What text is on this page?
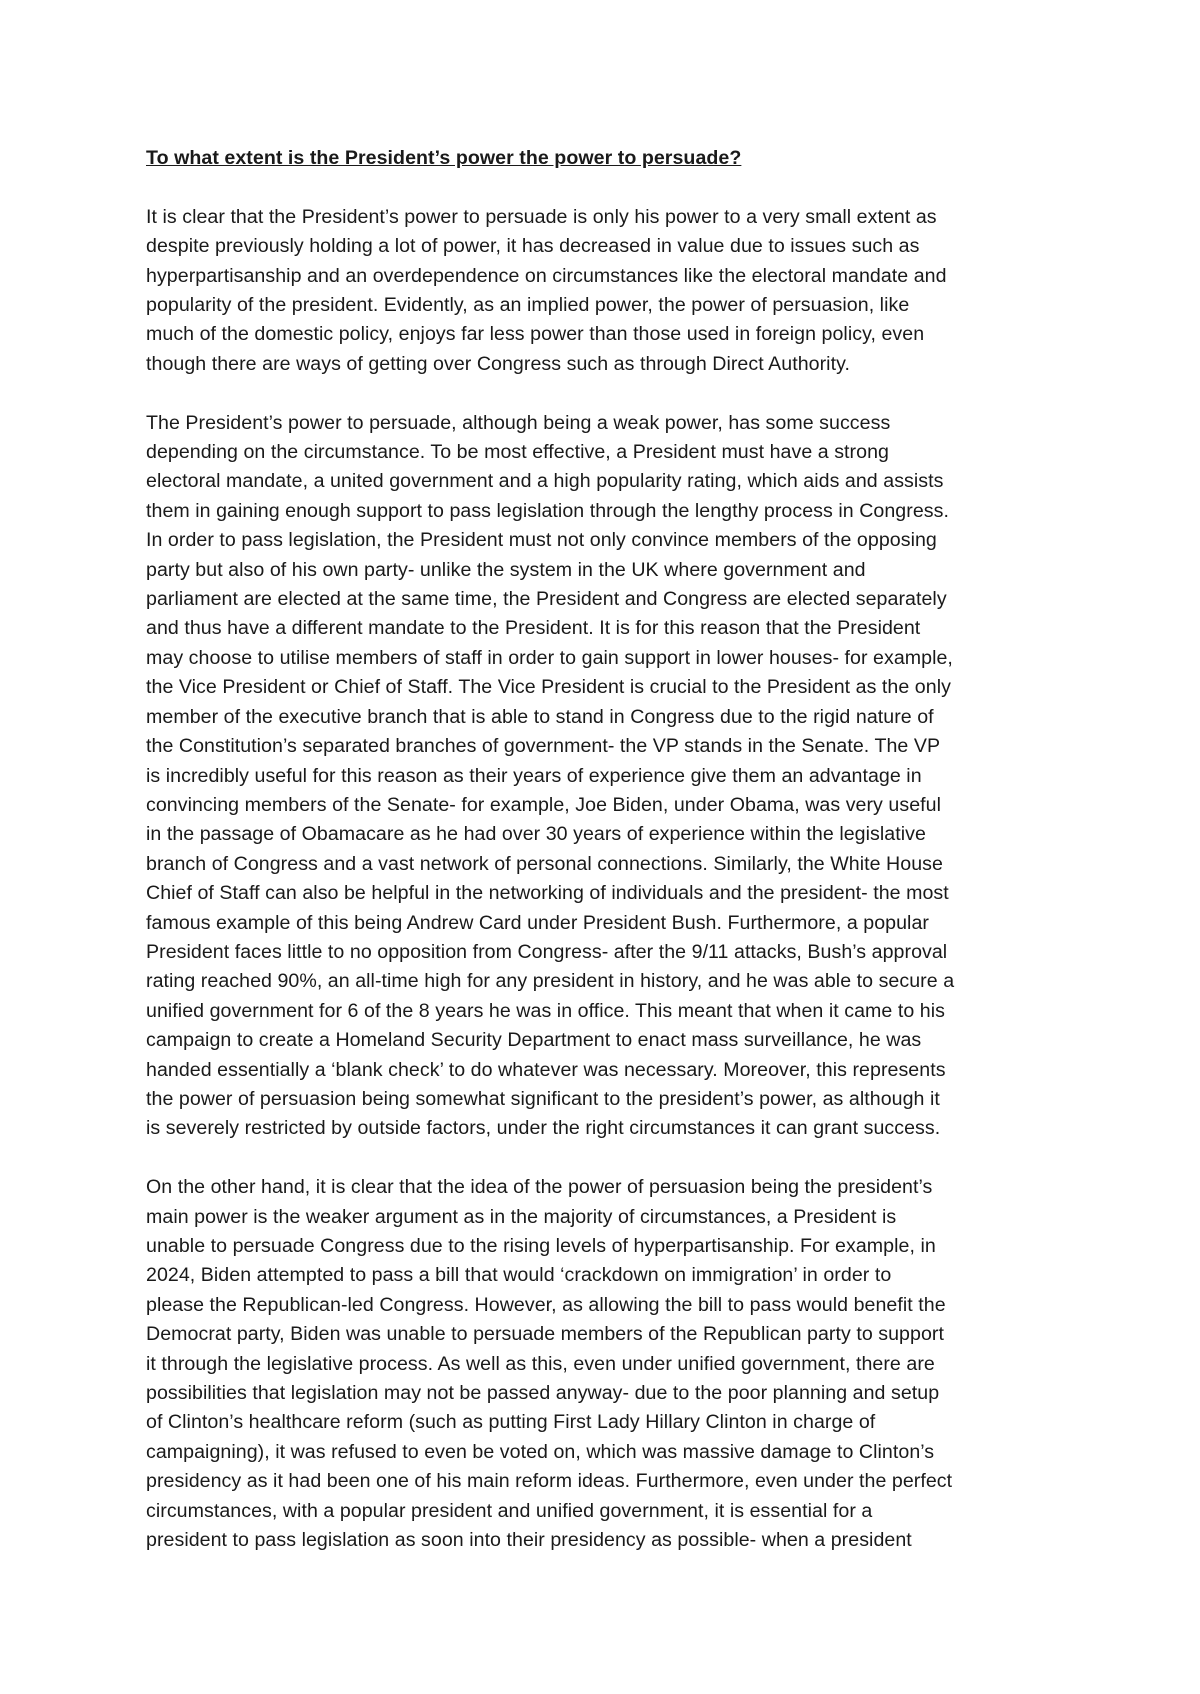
To what extent is the President’s power the power to persuade?
It is clear that the President’s power to persuade is only his power to a very small extent as
despite previously holding a lot of power, it has decreased in value due to issues such as
hyperpartisanship and an overdependence on circumstances like the electoral mandate and
popularity of the president. Evidently, as an implied power, the power of persuasion, like
much of the domestic policy, enjoys far less power than those used in foreign policy, even
though there are ways of getting over Congress such as through Direct Authority.
The President’s power to persuade, although being a weak power, has some success
depending on the circumstance. To be most effective, a President must have a strong
electoral mandate, a united government and a high popularity rating, which aids and assists
them in gaining enough support to pass legislation through the lengthy process in Congress.
In order to pass legislation, the President must not only convince members of the opposing
party but also of his own party- unlike the system in the UK where government and
parliament are elected at the same time, the President and Congress are elected separately
and thus have a different mandate to the President. It is for this reason that the President
may choose to utilise members of staff in order to gain support in lower houses- for example,
the Vice President or Chief of Staff. The Vice President is crucial to the President as the only
member of the executive branch that is able to stand in Congress due to the rigid nature of
the Constitution’s separated branches of government- the VP stands in the Senate. The VP
is incredibly useful for this reason as their years of experience give them an advantage in
convincing members of the Senate- for example, Joe Biden, under Obama, was very useful
in the passage of Obamacare as he had over 30 years of experience within the legislative
branch of Congress and a vast network of personal connections. Similarly, the White House
Chief of Staff can also be helpful in the networking of individuals and the president- the most
famous example of this being Andrew Card under President Bush. Furthermore, a popular
President faces little to no opposition from Congress- after the 9/11 attacks, Bush’s approval
rating reached 90%, an all-time high for any president in history, and he was able to secure a
unified government for 6 of the 8 years he was in office. This meant that when it came to his
campaign to create a Homeland Security Department to enact mass surveillance, he was
handed essentially a ‘blank check’ to do whatever was necessary. Moreover, this represents
the power of persuasion being somewhat significant to the president’s power, as although it
is severely restricted by outside factors, under the right circumstances it can grant success.
On the other hand, it is clear that the idea of the power of persuasion being the president’s
main power is the weaker argument as in the majority of circumstances, a President is
unable to persuade Congress due to the rising levels of hyperpartisanship. For example, in
2024, Biden attempted to pass a bill that would ‘crackdown on immigration’ in order to
please the Republican-led Congress. However, as allowing the bill to pass would benefit the
Democrat party, Biden was unable to persuade members of the Republican party to support
it through the legislative process. As well as this, even under unified government, there are
possibilities that legislation may not be passed anyway- due to the poor planning and setup
of Clinton’s healthcare reform (such as putting First Lady Hillary Clinton in charge of
campaigning), it was refused to even be voted on, which was massive damage to Clinton’s
presidency as it had been one of his main reform ideas. Furthermore, even under the perfect
circumstances, with a popular president and unified government, it is essential for a
president to pass legislation as soon into their presidency as possible- when a president
